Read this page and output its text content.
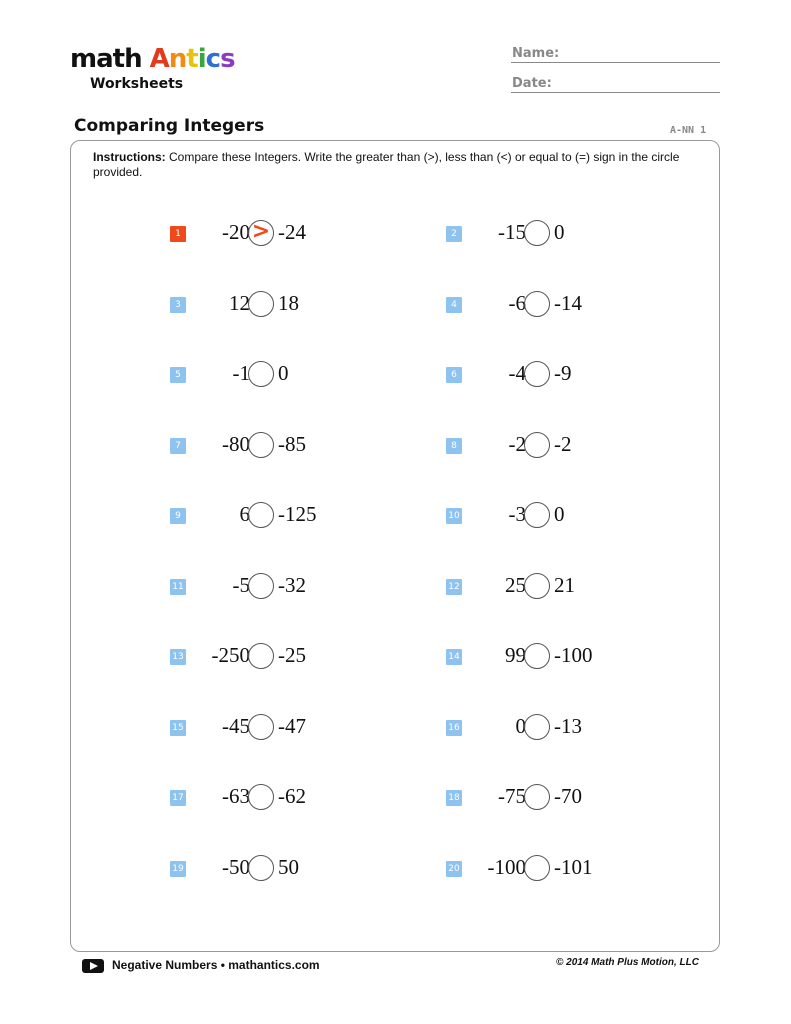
math Antics
Worksheets
Name:
Date:
Comparing Integers	A-NN 1
Instructions: Compare these Integers. Write the greater than (>), less than (<) or equal to (=) sign in the circle provided.
1	-20 > -24	2	-15 0
3	12 18	4	-6 -14
5	-1 0	6	-4 -9
7	-80 -85	8	-2 -2
9	6 -125	10	-3 0
11	-5 -32	12	25 21
13	-250 -25	14	99 -100
15	-45 -47	16	0 -13
17	-63 -62	18	-75 -70
19	-50 50	20	-100 -101
Negative Numbers • mathantics.com	© 2014 Math Plus Motion, LLC
